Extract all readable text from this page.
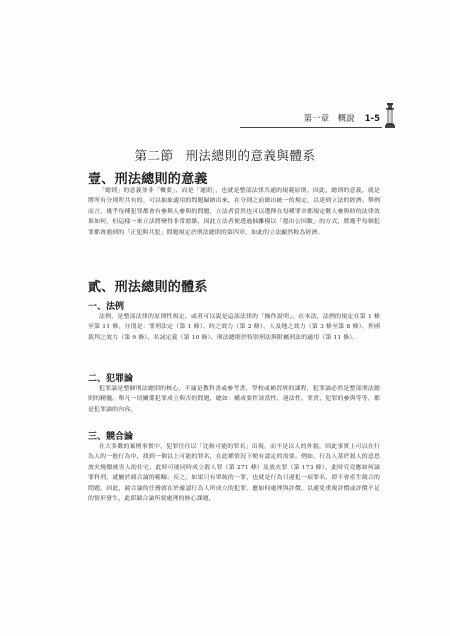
第一章　概說 1-5
第二節 刑法總則的意義與體系
壹、刑法總則的意義
「總則」的意義並非「概要」，而是「通則」，也就是整部法律共通的規範原則。因此，總則的意義，就是將所有分則所共有的、可以抽象適用的問題歸納出來，在分則之前做出統一的規定，以達到立法的經濟。舉例而言，幾乎每種犯罪都會有參與人參與的問題，立法者當然也可以選擇在每種罪章都規定數人參與時的法律效果如何，但這樣一來立法將變得非常繁雜，因此立法者便透過抽離模以「提出公因數」的方式，將幾乎每個犯罪都會遇到的「正犯與共犯」問題規定於刑法總則的第四章，如此的立法顯然較為經濟。
貳、刑法總則的體系
一、法例
法例，是整部法律的原則性規定，或者可以說是這部法律的「操作說明」。在本法，法例的規定在第 1 條至第 11 條，分別是：罪刑法定（第 1 條）、時之效力（第 2 條）、人及地之效力（第 3 條至第 8 條）、外國裁判之效力（第 9 條）、名詞定義（第 10 條）、刑法總則於特別刑法與附屬刑法的適用（第 11 條）。
二、犯罪論
犯罪論是整個刑法總則的核心，不論是教科書或參考書，學校或補習班的課程，犯罪論必然是整部刑法總則的精髓。舉凡一切關係犯罪成立與否的問題，總如：構成要件該當性、違法性、罪責、犯罪的參與等等，都是犯罪論的內容。
三、競合論
在大多數的案例事實中，犯罪往往以「比較可能的罪名」出現，而不是以人的外貌，因此事實上可以在行為人的一般行為中，找到一個以上可能的罪名，在此種情況下便有認定的需要。例如，行為人基於殺人的意思放火燒燬被害人的住宅，此時可能同時成立殺人罪（第 271 條）及放火罪（第 173 條），此時究竟應如何論罪科刑，就屬於競合論的範疇。反之，如果只有單純的一罪，也就是行為只違犯一項罪名，即不會產生競合的問題。因此，競合論的任務就在於確認行為人所成立的犯罪，應如何處理與評價，以避免重複評價或評價不足的情形發生，此即競合論所要處理的核心課題。
